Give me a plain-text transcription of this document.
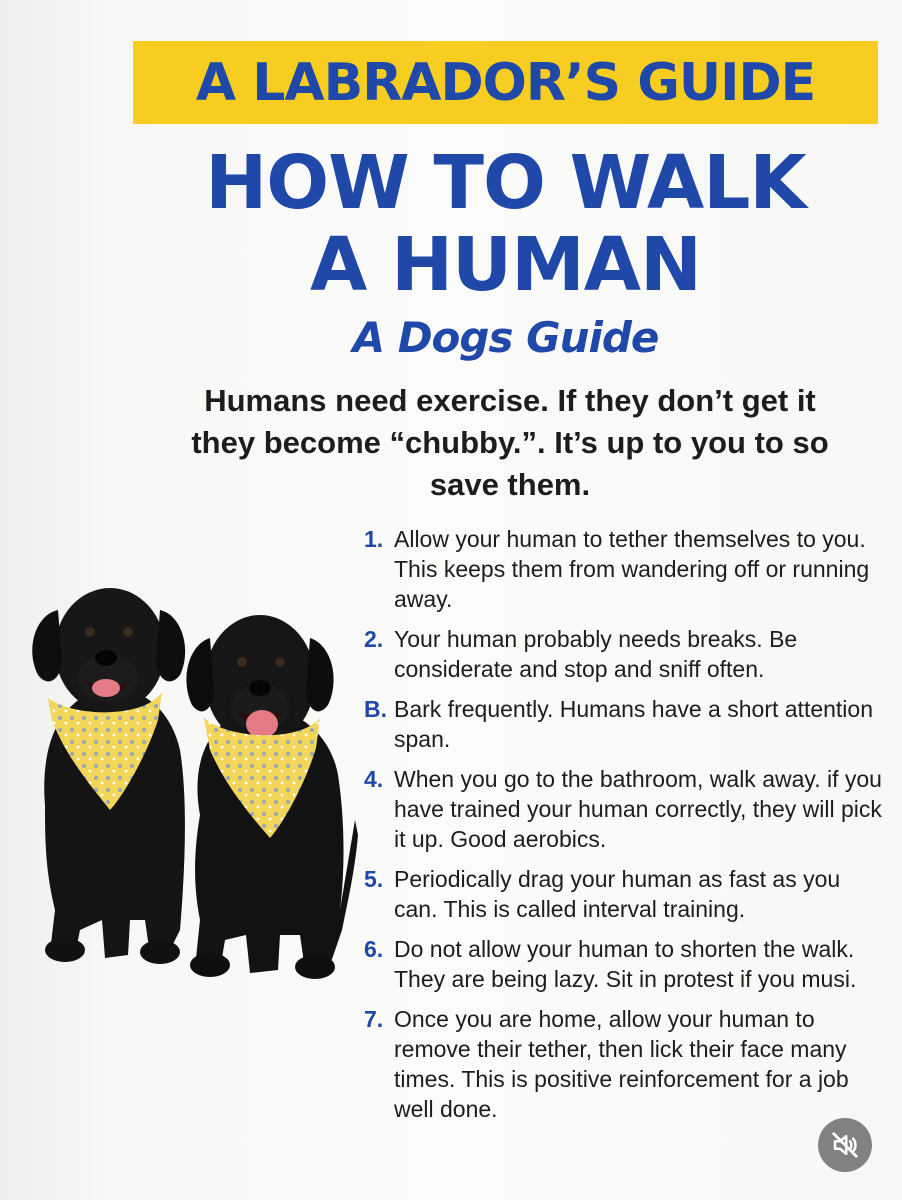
A LABRADOR’S GUIDE
HOW TO WALK
A HUMAN
A Dogs Guide
Humans need exercise. If they don’t get it
they become “chubby.”. It’s up to you to so
save them.
1. Allow your human to tether themselves to you. This keeps them from wandering off or running away.
2. Your human probably needs breaks. Be considerate and stop and sniff often.
B. Bark frequently. Humans have a short attention span.
4. When you go to the bathroom, walk away. if you have trained your human correctly, they will pick it up. Good aerobics.
5. Periodically drag your human as fast as you can. This is called interval training.
6. Do not allow your human to shorten the walk. They are being lazy. Sit in protest if you musi.
7. Once you are home, allow your human to remove their tether, then lick their face many times. This is positive reinforcement for a job well done.
